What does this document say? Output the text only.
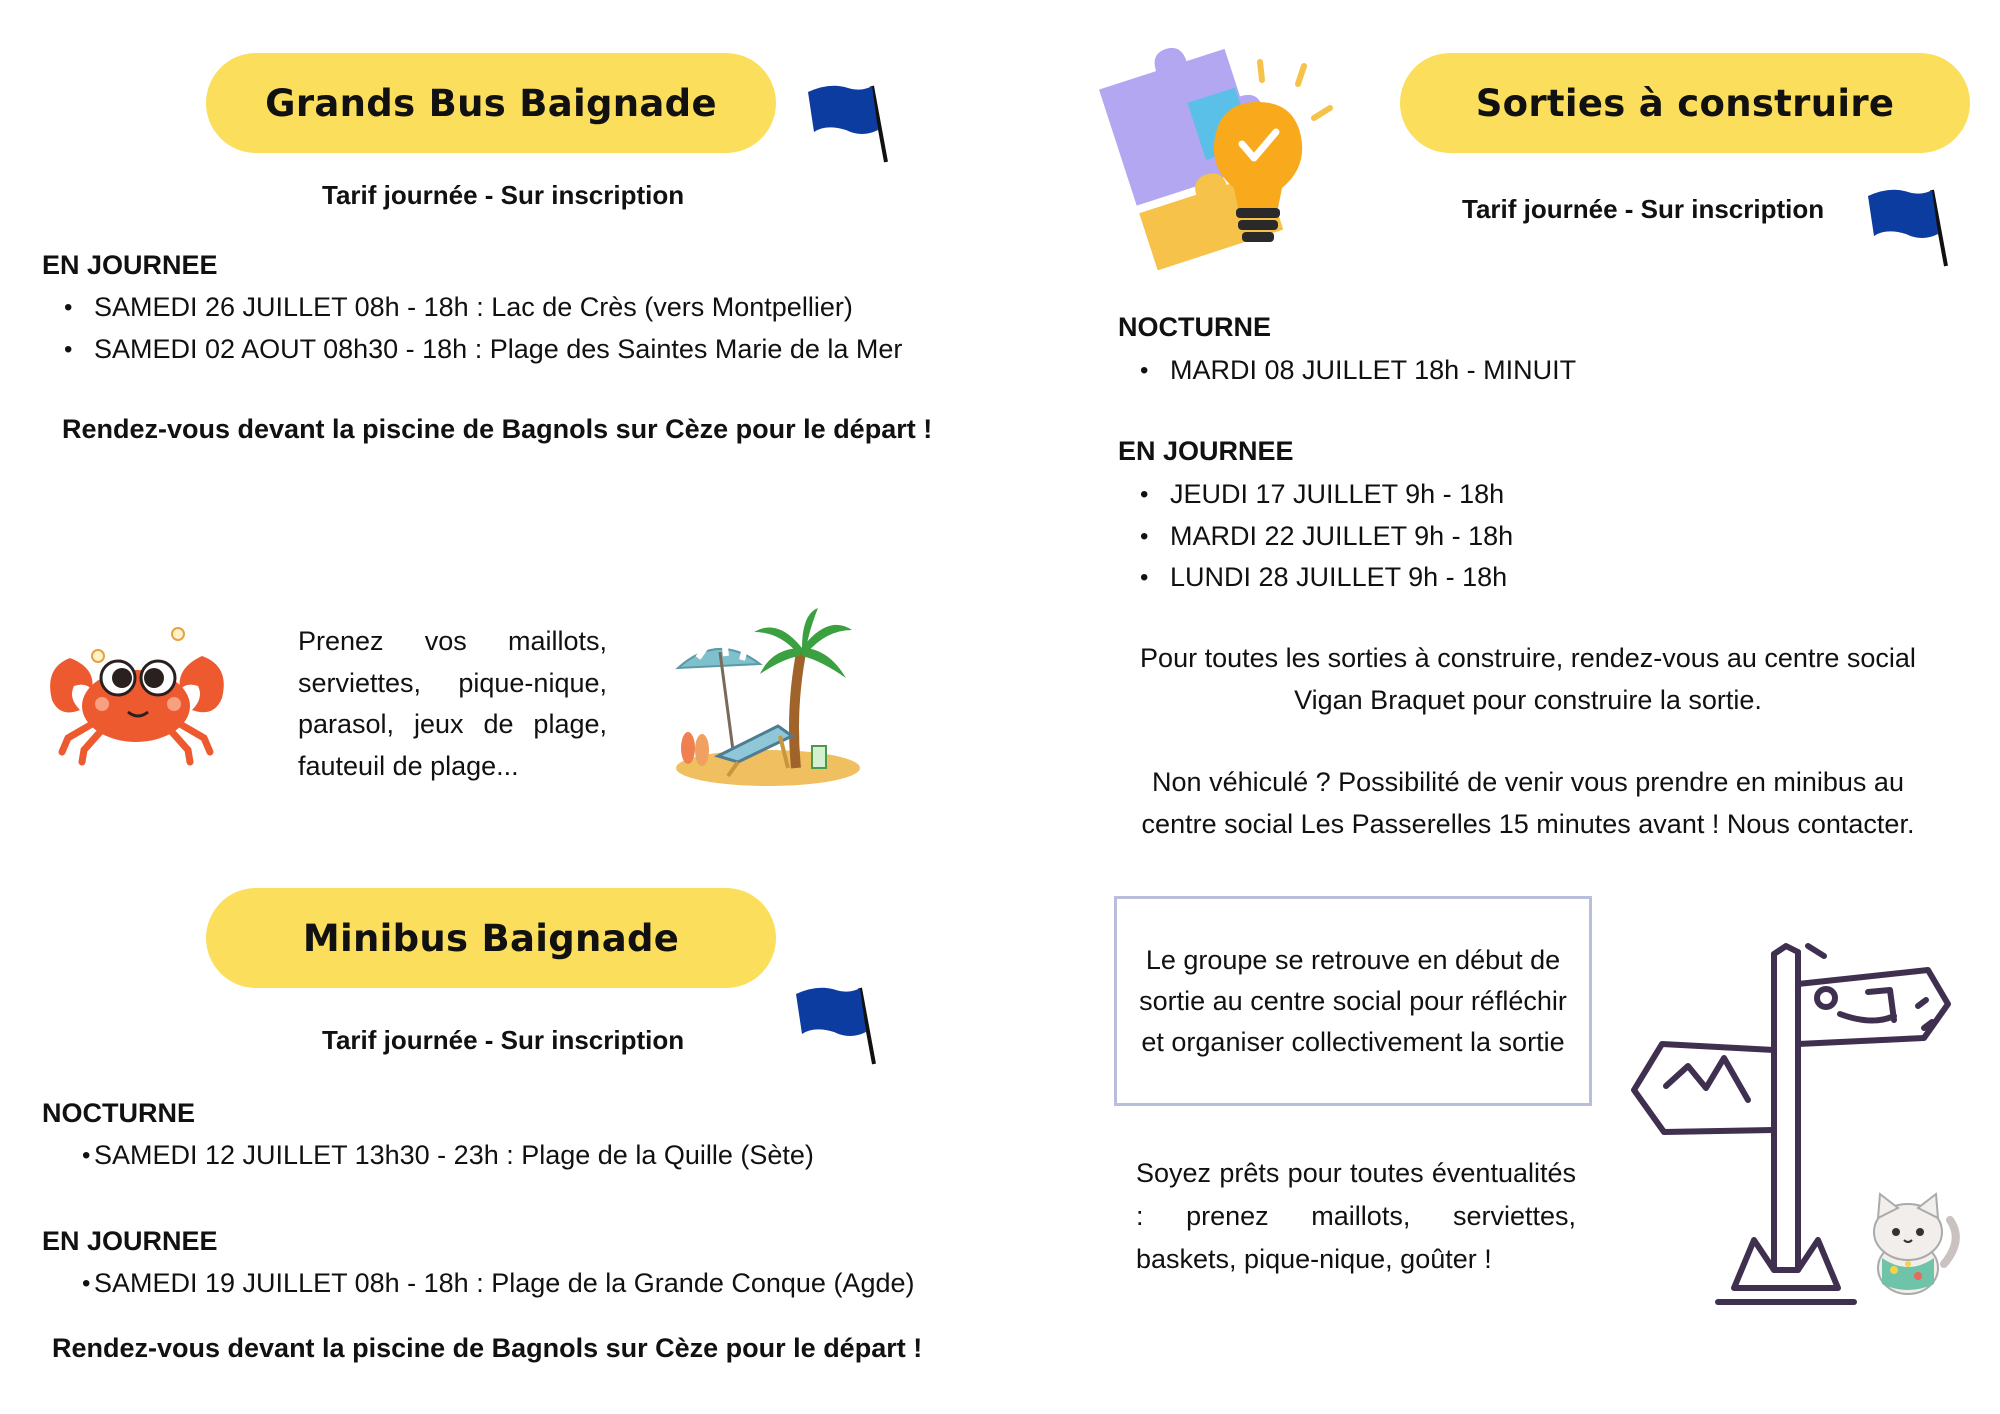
Grands Bus Baignade
Tarif journée - Sur inscription
EN JOURNEE
• SAMEDI 26 JUILLET 08h - 18h : Lac de Crès (vers Montpellier)
• SAMEDI 02 AOUT 08h30 - 18h : Plage des Saintes Marie de la Mer
Rendez-vous devant la piscine de Bagnols sur Cèze pour le départ !
Prenez vos maillots, serviettes, pique-nique, parasol, jeux de plage, fauteuil de plage...
Minibus Baignade
Tarif journée - Sur inscription
NOCTURNE
• SAMEDI 12 JUILLET 13h30 - 23h : Plage de la Quille (Sète)
EN JOURNEE
• SAMEDI 19 JUILLET 08h - 18h : Plage de la Grande Conque (Agde)
Rendez-vous devant la piscine de Bagnols sur Cèze pour le départ !
Sorties à construire
Tarif journée - Sur inscription
NOCTURNE
• MARDI 08 JUILLET 18h - MINUIT
EN JOURNEE
• JEUDI 17 JUILLET 9h - 18h
• MARDI 22 JUILLET 9h - 18h
• LUNDI 28 JUILLET 9h - 18h
Pour toutes les sorties à construire, rendez-vous au centre social Vigan Braquet pour construire la sortie.
Non véhiculé ? Possibilité de venir vous prendre en minibus au centre social Les Passerelles 15 minutes avant ! Nous contacter.
Le groupe se retrouve en début de sortie au centre social pour réfléchir et organiser collectivement la sortie
Soyez prêts pour toutes éventualités : prenez maillots, serviettes, baskets, pique-nique, goûter !
